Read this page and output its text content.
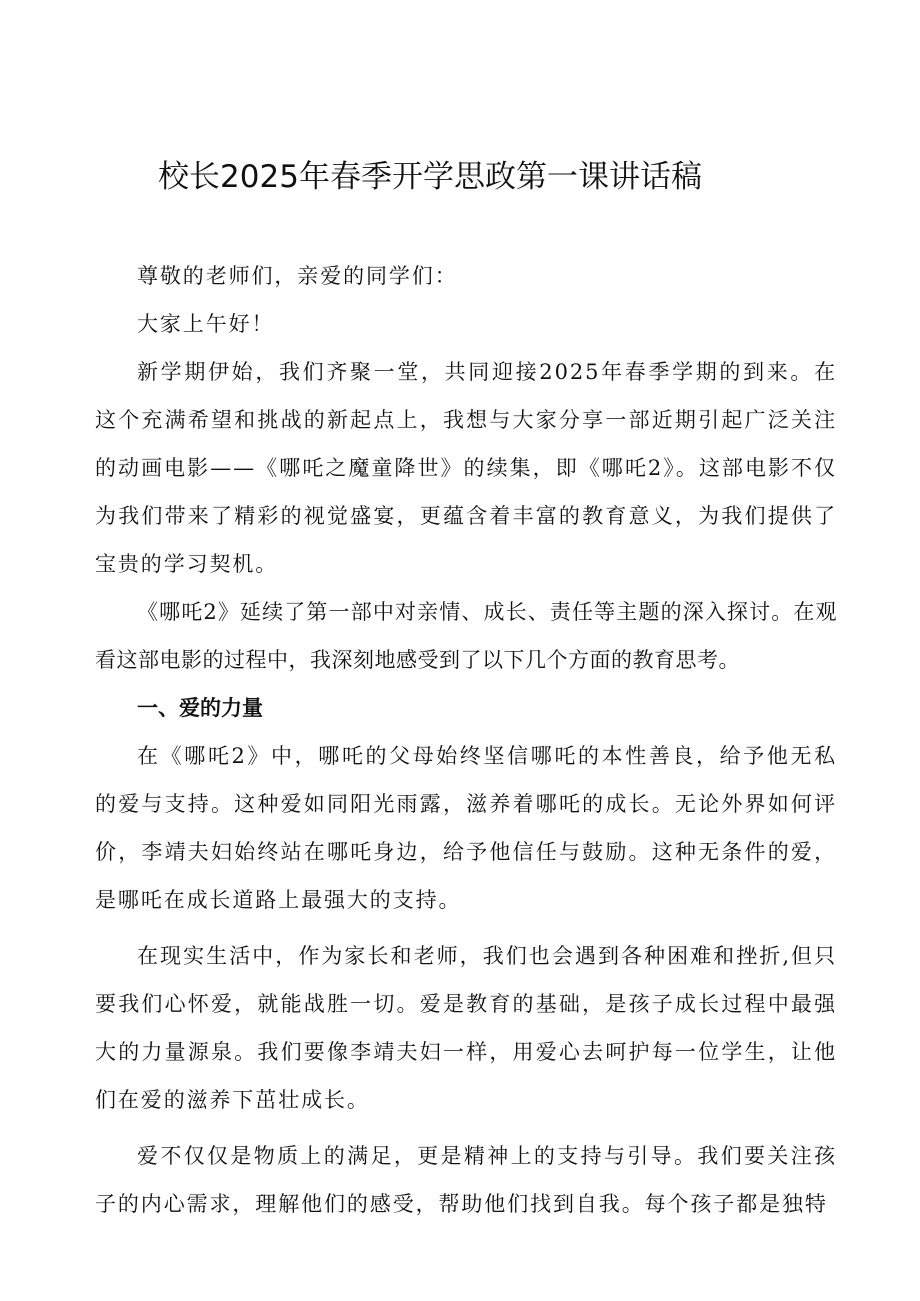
校长2025年春季开学思政第一课讲话稿

尊敬的老师们，亲爱的同学们：

大家上午好！

新学期伊始，我们齐聚一堂，共同迎接2025年春季学期的到来。在这个充满希望和挑战的新起点上，我想与大家分享一部近期引起广泛关注的动画电影——《哪吒之魔童降世》的续集，即《哪吒2》。这部电影不仅为我们带来了精彩的视觉盛宴，更蕴含着丰富的教育意义，为我们提供了宝贵的学习契机。

《哪吒2》延续了第一部中对亲情、成长、责任等主题的深入探讨。在观看这部电影的过程中，我深刻地感受到了以下几个方面的教育思考。

一、爱的力量

在《哪吒2》中，哪吒的父母始终坚信哪吒的本性善良，给予他无私的爱与支持。这种爱如同阳光雨露，滋养着哪吒的成长。无论外界如何评价，李靖夫妇始终站在哪吒身边，给予他信任与鼓励。这种无条件的爱，是哪吒在成长道路上最强大的支持。

在现实生活中，作为家长和老师，我们也会遇到各种困难和挫折,但只要我们心怀爱，就能战胜一切。爱是教育的基础，是孩子成长过程中最强大的力量源泉。我们要像李靖夫妇一样，用爱心去呵护每一位学生，让他们在爱的滋养下茁壮成长。

爱不仅仅是物质上的满足，更是精神上的支持与引导。我们要关注孩子的内心需求，理解他们的感受，帮助他们找到自我。每个孩子都是独特
